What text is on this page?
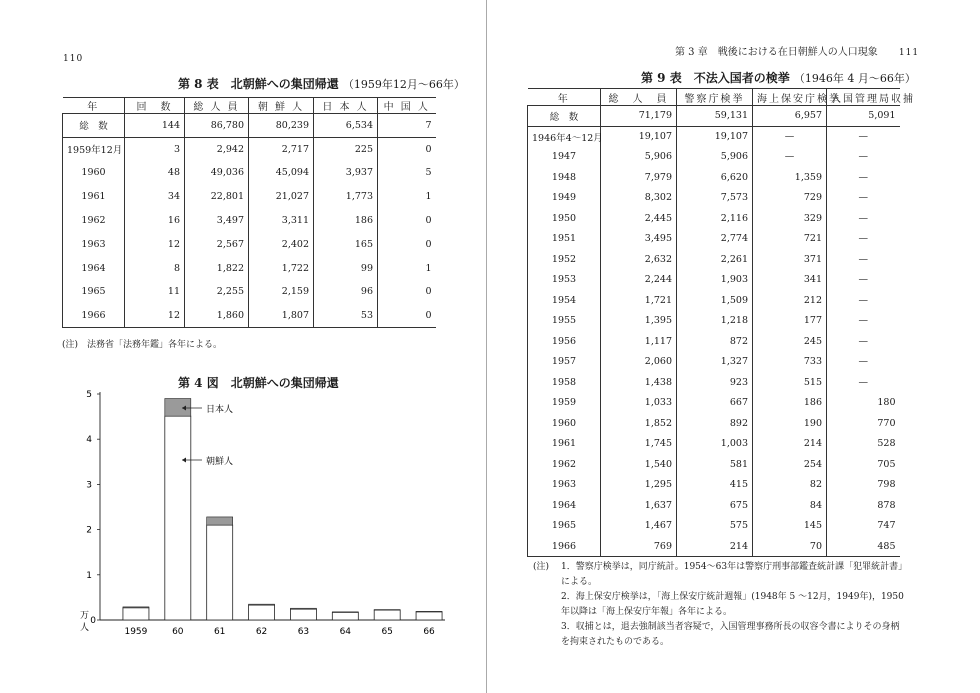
110
第 8 表　北朝鮮への集団帰還 （1959年12月～66年）
年	回　数	総 人 員	朝 鮮 人	日 本 人	中 国 人
総　数	144	86,780	80,239	6,534	7
1959年12月	3	2,942	2,717	225	0
1960	48	49,036	45,094	3,937	5
1961	34	22,801	21,027	1,773	1
1962	16	3,497	3,311	186	0
1963	12	2,567	2,402	165	0
1964	8	1,822	1,722	99	1
1965	11	2,255	2,159	96	0
1966	12	1,860	1,807	53	0
(注)　法務省「法務年鑑」各年による。
第 4 図　北朝鮮への集団帰還
1
2
3
4
5
0
1959	60	61	62	63	64	65	66
万
人
日本人
朝鮮人
第 3 章　戦後における在日朝鮮人の人口現象 111
第 9 表　不法入国者の検挙 （1946年 4 月～66年）
年	総　人　員	警察庁検挙	海上保安庁検挙	入国管理局収捕
総　数	71,179	59,131	6,957	5,091
1946年4～12月	19,107	19,107	—	—
1947	5,906	5,906	—	—
1948	7,979	6,620	1,359	—
1949	8,302	7,573	729	—
1950	2,445	2,116	329	—
1951	3,495	2,774	721	—
1952	2,632	2,261	371	—
1953	2,244	1,903	341	—
1954	1,721	1,509	212	—
1955	1,395	1,218	177	—
1956	1,117	872	245	—
1957	2,060	1,327	733	—
1958	1,438	923	515	—
1959	1,033	667	186	180
1960	1,852	892	190	770
1961	1,745	1,003	214	528
1962	1,540	581	254	705
1963	1,295	415	82	798
1964	1,637	675	84	878
1965	1,467	575	145	747
1966	769	214	70	485
(注) 1．警察庁検挙は，同庁統計。1954～63年は警察庁刑事部鑑査統計課「犯罪統計書」による。
2．海上保安庁検挙は，「海上保安庁統計週報」(1948年 5 ～12月，1949年)，1950年以降は「海上保安庁年報」各年による。
3．収捕とは，退去強制該当者容疑で，入国管理事務所長の収容令書によりその身柄を拘束されたものである。
